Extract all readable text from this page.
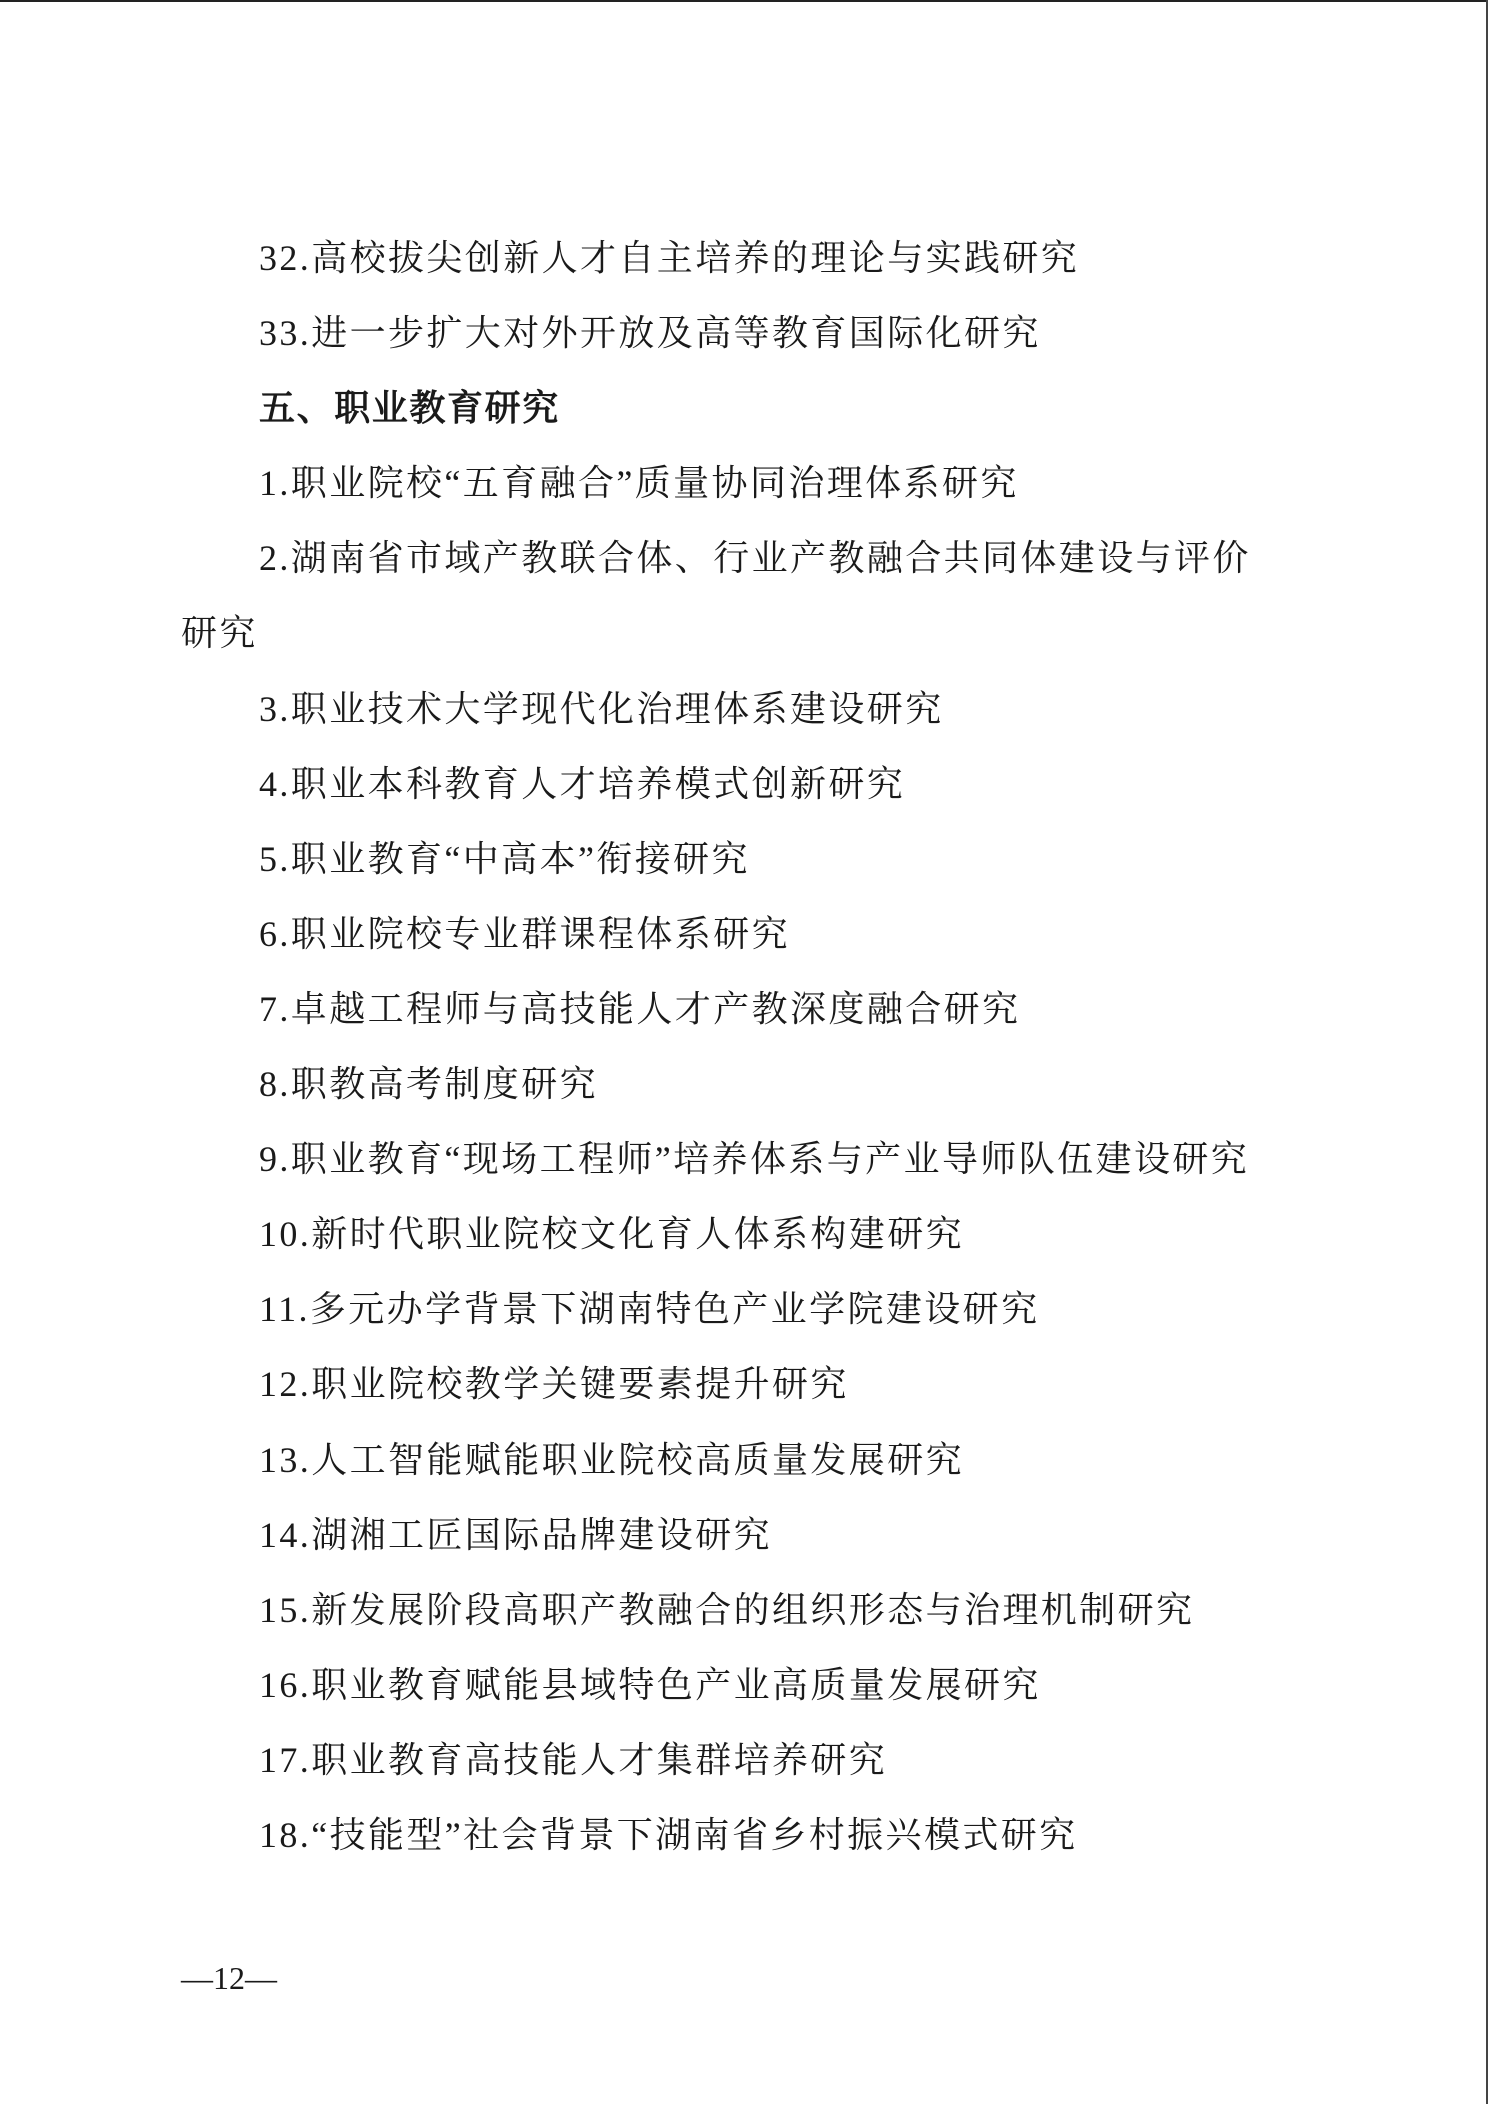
32.高校拔尖创新人才自主培养的理论与实践研究
33.进一步扩大对外开放及高等教育国际化研究
五、职业教育研究
1.职业院校“五育融合”质量协同治理体系研究
2.湖南省市域产教联合体、行业产教融合共同体建设与评价
研究
3.职业技术大学现代化治理体系建设研究
4.职业本科教育人才培养模式创新研究
5.职业教育“中高本”衔接研究
6.职业院校专业群课程体系研究
7.卓越工程师与高技能人才产教深度融合研究
8.职教高考制度研究
9.职业教育“现场工程师”培养体系与产业导师队伍建设研究
10.新时代职业院校文化育人体系构建研究
11.多元办学背景下湖南特色产业学院建设研究
12.职业院校教学关键要素提升研究
13.人工智能赋能职业院校高质量发展研究
14.湖湘工匠国际品牌建设研究
15.新发展阶段高职产教融合的组织形态与治理机制研究
16.职业教育赋能县域特色产业高质量发展研究
17.职业教育高技能人才集群培养研究
18.“技能型”社会背景下湖南省乡村振兴模式研究
—12—
